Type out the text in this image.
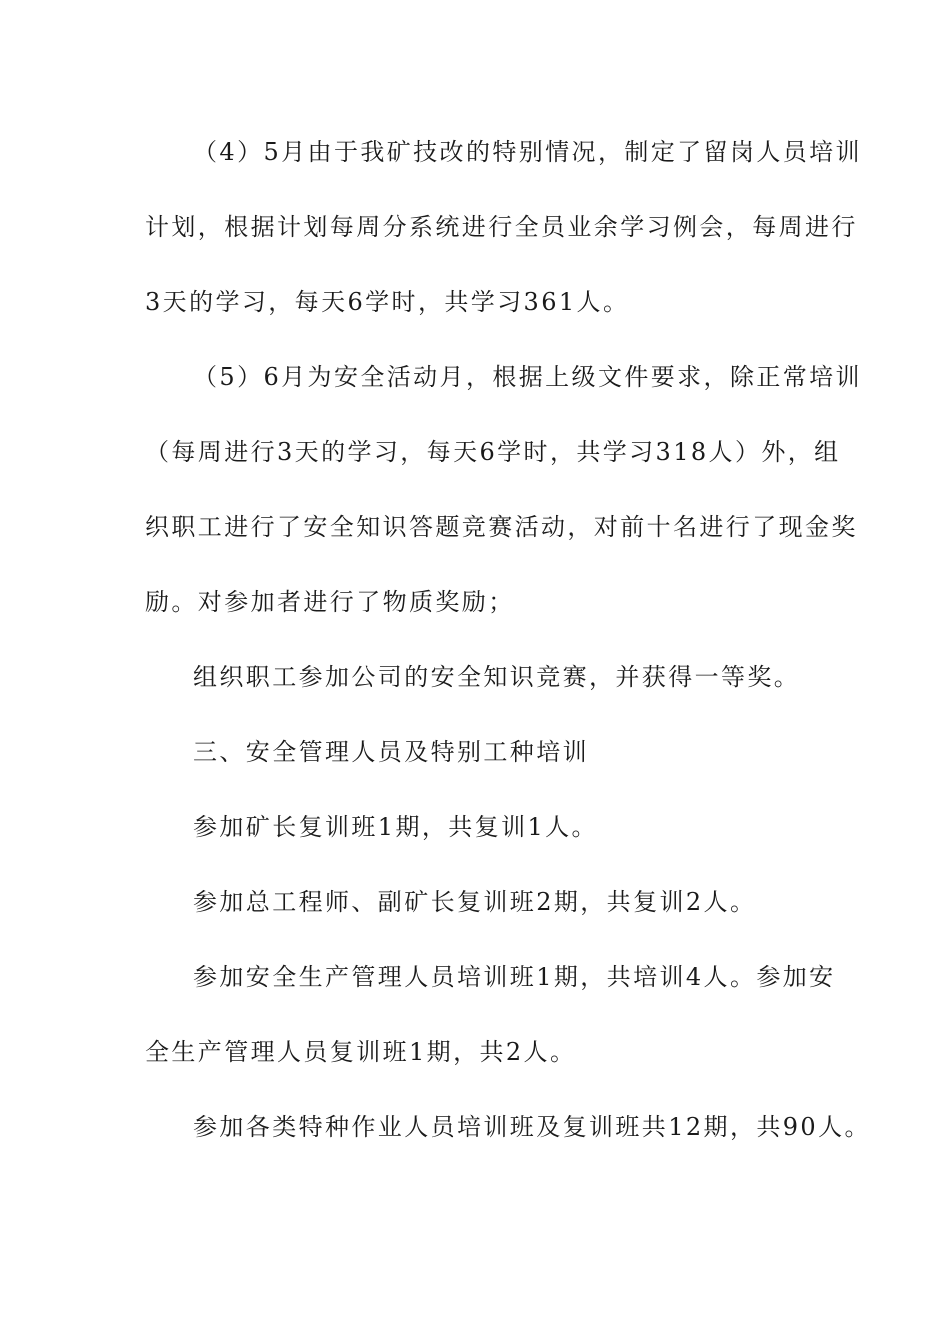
（4）5月由于我矿技改的特别情况，制定了留岗人员培训
计划，根据计划每周分系统进行全员业余学习例会，每周进行
3天的学习，每天6学时，共学习361人。
（5）6月为安全活动月，根据上级文件要求，除正常培训
（每周进行3天的学习，每天6学时，共学习318人）外，组
织职工进行了安全知识答题竞赛活动，对前十名进行了现金奖
励。对参加者进行了物质奖励；
组织职工参加公司的安全知识竞赛，并获得一等奖。
三、安全管理人员及特别工种培训
参加矿长复训班1期，共复训1人。
参加总工程师、副矿长复训班2期，共复训2人。
参加安全生产管理人员培训班1期，共培训4人。参加安
全生产管理人员复训班1期，共2人。
参加各类特种作业人员培训班及复训班共12期，共90人。
